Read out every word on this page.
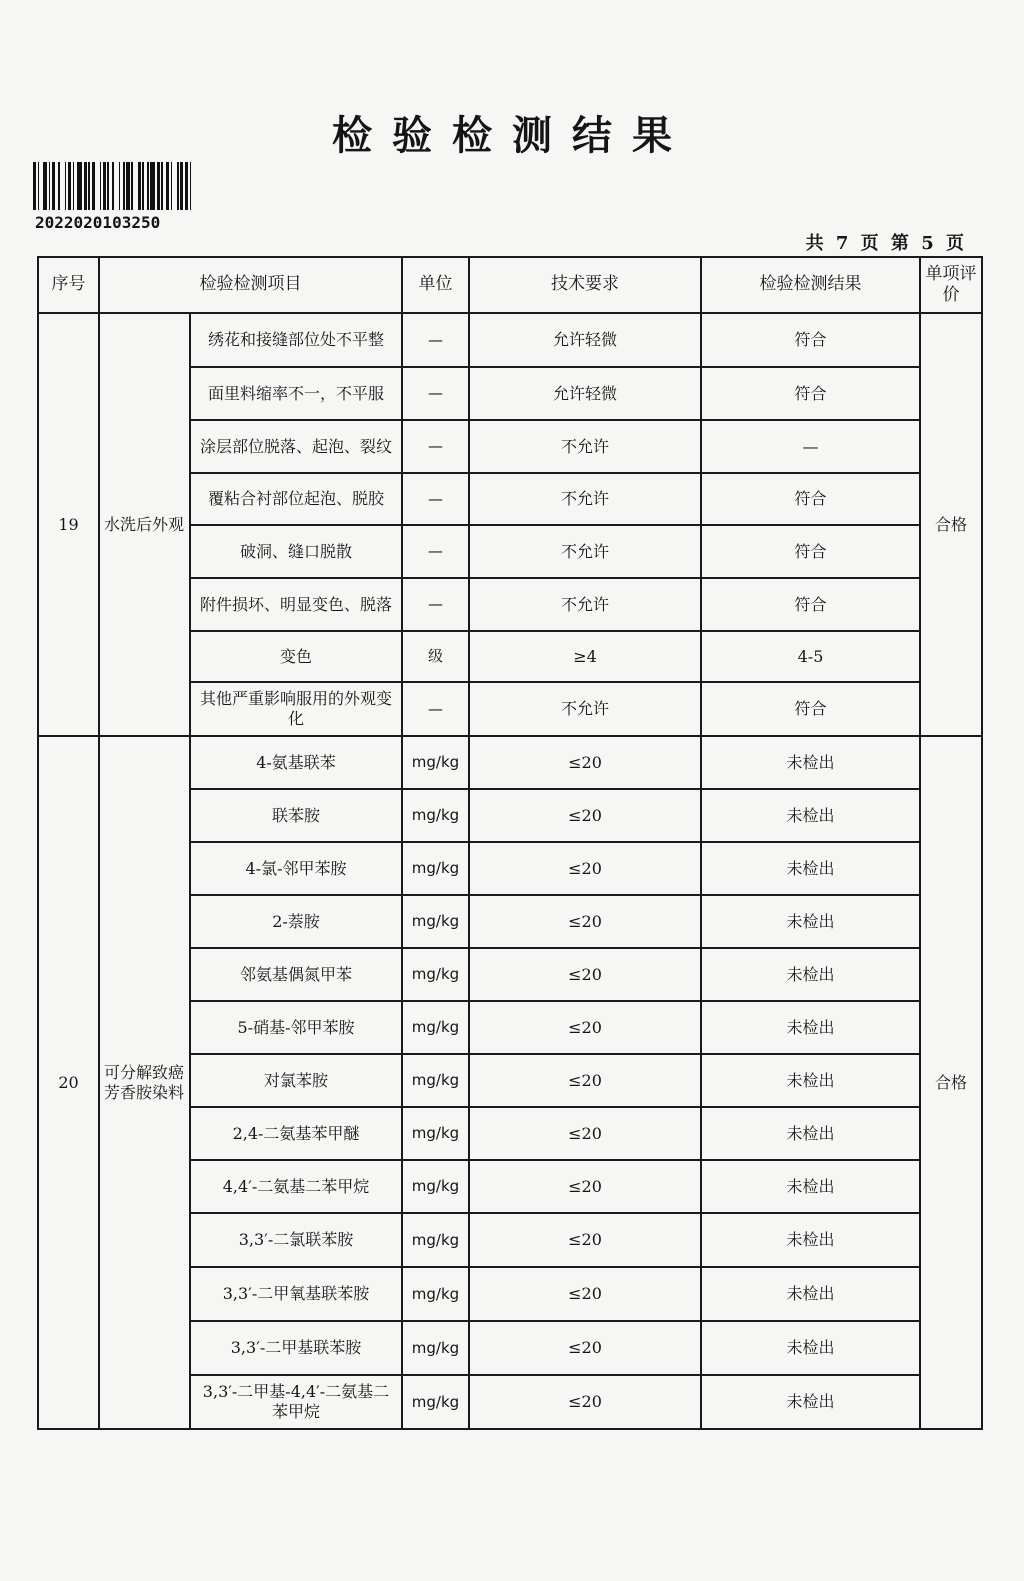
检验检测结果
2022020103250
共 7 页 第 5 页
序号	检验检测项目		单位	技术要求	检验检测结果	单项评价
19	水洗后外观	绣花和接缝部位处不平整	—	允许轻微	符合	合格
		面里料缩率不一，不平服	—	允许轻微	符合	
		涂层部位脱落、起泡、裂纹	—	不允许	—	
		覆粘合衬部位起泡、脱胶	—	不允许	符合	
		破洞、缝口脱散	—	不允许	符合	
		附件损坏、明显变色、脱落	—	不允许	符合	
		变色	级	≥4	4-5	
		其他严重影响服用的外观变化	—	不允许	符合	
20	可分解致癌芳香胺染料	4-氨基联苯	mg/kg	≤20	未检出	合格
		联苯胺	mg/kg	≤20	未检出	
		4-氯-邻甲苯胺	mg/kg	≤20	未检出	
		2-萘胺	mg/kg	≤20	未检出	
		邻氨基偶氮甲苯	mg/kg	≤20	未检出	
		5-硝基-邻甲苯胺	mg/kg	≤20	未检出	
		对氯苯胺	mg/kg	≤20	未检出	
		2,4-二氨基苯甲醚	mg/kg	≤20	未检出	
		4,4′-二氨基二苯甲烷	mg/kg	≤20	未检出	
		3,3′-二氯联苯胺	mg/kg	≤20	未检出	
		3,3′-二甲氧基联苯胺	mg/kg	≤20	未检出	
		3,3′-二甲基联苯胺	mg/kg	≤20	未检出	
		3,3′-二甲基-4,4′-二氨基二苯甲烷	mg/kg	≤20	未检出	
